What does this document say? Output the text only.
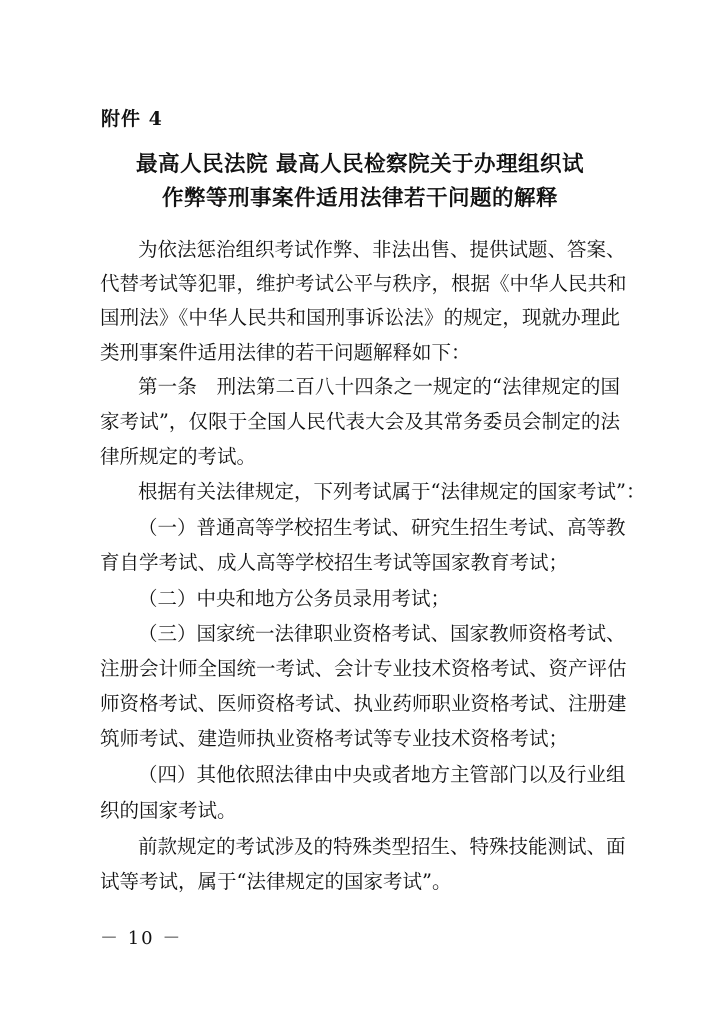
附件 4
最高人民法院 最高人民检察院关于办理组织试
作弊等刑事案件适用法律若干问题的解释
为依法惩治组织考试作弊、非法出售、提供试题、答案、
代替考试等犯罪，维护考试公平与秩序，根据《中华人民共和
国刑法》《中华人民共和国刑事诉讼法》的规定，现就办理此
类刑事案件适用法律的若干问题解释如下：
第一条　刑法第二百八十四条之一规定的“法律规定的国
家考试”，仅限于全国人民代表大会及其常务委员会制定的法
律所规定的考试。
根据有关法律规定，下列考试属于“法律规定的国家考试”：
（一）普通高等学校招生考试、研究生招生考试、高等教
育自学考试、成人高等学校招生考试等国家教育考试；
（二）中央和地方公务员录用考试；
（三）国家统一法律职业资格考试、国家教师资格考试、
注册会计师全国统一考试、会计专业技术资格考试、资产评估
师资格考试、医师资格考试、执业药师职业资格考试、注册建
筑师考试、建造师执业资格考试等专业技术资格考试；
（四）其他依照法律由中央或者地方主管部门以及行业组
织的国家考试。
前款规定的考试涉及的特殊类型招生、特殊技能测试、面
试等考试，属于“法律规定的国家考试”。
－ 10 －
